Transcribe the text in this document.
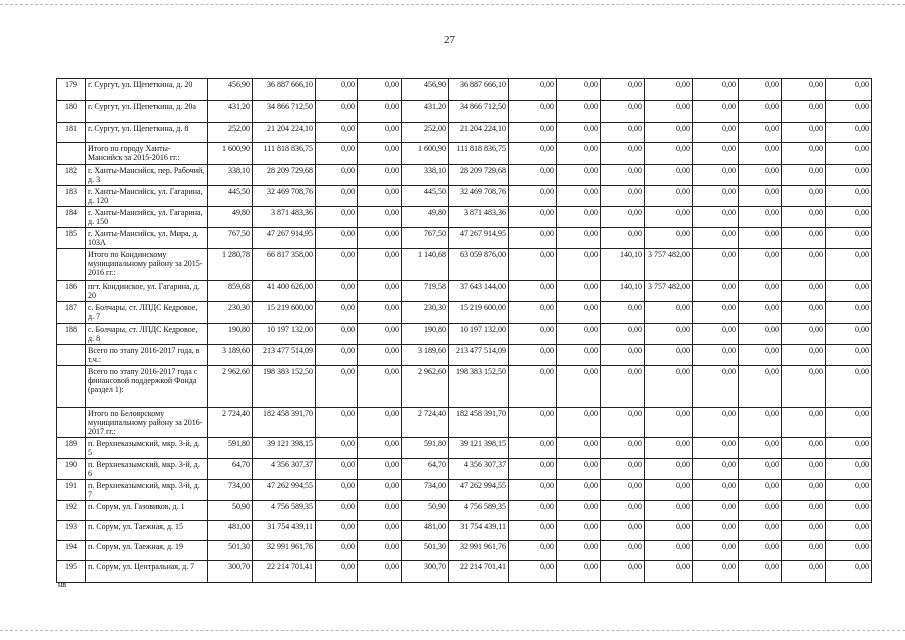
27
179	г. Сургут, ул. Щепеткина, д. 20	456,90	36 887 666,10	0,00	0,00	456,90	36 887 666,10	0,00	0,00	0,00	0,00	0,00	0,00	0,00	0,00
180	г. Сургут, ул. Щепеткина, д. 20а	431,20	34 866 712,50	0,00	0,00	431,20	34 866 712,50	0,00	0,00	0,00	0,00	0,00	0,00	0,00	0,00
181	г. Сургут, ул. Щепеткина, д. 8	252,00	21 204 224,10	0,00	0,00	252,00	21 204 224,10	0,00	0,00	0,00	0,00	0,00	0,00	0,00	0,00
	Итого по городу Ханты-Мансийск за 2015-2016 гг.:	1 600,90	111 818 836,75	0,00	0,00	1 600,90	111 818 836,75	0,00	0,00	0,00	0,00	0,00	0,00	0,00	0,00
182	г. Ханты-Мансийск, пер. Рабочий, д. 3	338,10	28 209 729,68	0,00	0,00	338,10	28 209 729,68	0,00	0,00	0,00	0,00	0,00	0,00	0,00	0,00
183	г. Ханты-Мансийск, ул. Гагарина, д. 120	445,50	32 469 708,76	0,00	0,00	445,50	32 469 708,76	0,00	0,00	0,00	0,00	0,00	0,00	0,00	0,00
184	г. Ханты-Мансийск, ул. Гагарина, д. 150	49,80	3 871 483,36	0,00	0,00	49,80	3 871 483,36	0,00	0,00	0,00	0,00	0,00	0,00	0,00	0,00
185	г. Ханты-Мансийск, ул. Мира, д. 103А	767,50	47 267 914,95	0,00	0,00	767,50	47 267 914,95	0,00	0,00	0,00	0,00	0,00	0,00	0,00	0,00
	Итого по Кондинскому муниципальному району за 2015-2016 гг.:	1 280,78	66 817 358,00	0,00	0,00	1 140,68	63 059 876,00	0,00	0,00	140,10	3 757 482,00	0,00	0,00	0,00	0,00
186	пгт. Кондинское, ул. Гагарина, д. 20	859,68	41 400 626,00	0,00	0,00	719,58	37 643 144,00	0,00	0,00	140,10	3 757 482,00	0,00	0,00	0,00	0,00
187	с. Болчары, ст. ЛПДС Кедровое, д. 7	230,30	15 219 600,00	0,00	0,00	230,30	15 219 600,00	0,00	0,00	0,00	0,00	0,00	0,00	0,00	0,00
188	с. Болчары, ст. ЛПДС Кедровое, д. 8	190,80	10 197 132,00	0,00	0,00	190,80	10 197 132,00	0,00	0,00	0,00	0,00	0,00	0,00	0,00	0,00
	Всего по этапу 2016-2017 года, в т.ч.:	3 189,60	213 477 514,09	0,00	0,00	3 189,60	213 477 514,09	0,00	0,00	0,00	0,00	0,00	0,00	0,00	0,00
	Всего по этапу 2016-2017 года с финансовой поддержкой Фонда (раздел 1):	2 962,60	198 383 152,50	0,00	0,00	2 962,60	198 383 152,50	0,00	0,00	0,00	0,00	0,00	0,00	0,00	0,00
	Итого по Белоярскому муниципальному району за 2016-2017 гг.:	2 724,40	182 458 391,70	0,00	0,00	2 724,40	182 458 391,70	0,00	0,00	0,00	0,00	0,00	0,00	0,00	0,00
189	п. Верхнеказымский, мкр. 3-й, д. 5	591,80	39 121 398,15	0,00	0,00	591,80	39 121 398,15	0,00	0,00	0,00	0,00	0,00	0,00	0,00	0,00
190	п. Верхнеказымский, мкр. 3-й, д. 6	64,70	4 356 307,37	0,00	0,00	64,70	4 356 307,37	0,00	0,00	0,00	0,00	0,00	0,00	0,00	0,00
191	п. Верхнеказымский, мкр. 3-й, д. 7	734,00	47 262 994,55	0,00	0,00	734,00	47 262 994,55	0,00	0,00	0,00	0,00	0,00	0,00	0,00	0,00
192	п. Сорум, ул. Газовиков, д. 1	50,90	4 756 589,35	0,00	0,00	50,90	4 756 589,35	0,00	0,00	0,00	0,00	0,00	0,00	0,00	0,00
193	п. Сорум, ул. Таежная, д. 15	481,00	31 754 439,11	0,00	0,00	481,00	31 754 439,11	0,00	0,00	0,00	0,00	0,00	0,00	0,00	0,00
194	п. Сорум, ул. Таежная, д. 19	501,30	32 991 961,76	0,00	0,00	501,30	32 991 961,76	0,00	0,00	0,00	0,00	0,00	0,00	0,00	0,00
195	п. Сорум, ул. Центральная, д. 7	300,70	22 214 701,41	0,00	0,00	300,70	22 214 701,41	0,00	0,00	0,00	0,00	0,00	0,00	0,00	0,00
нв
